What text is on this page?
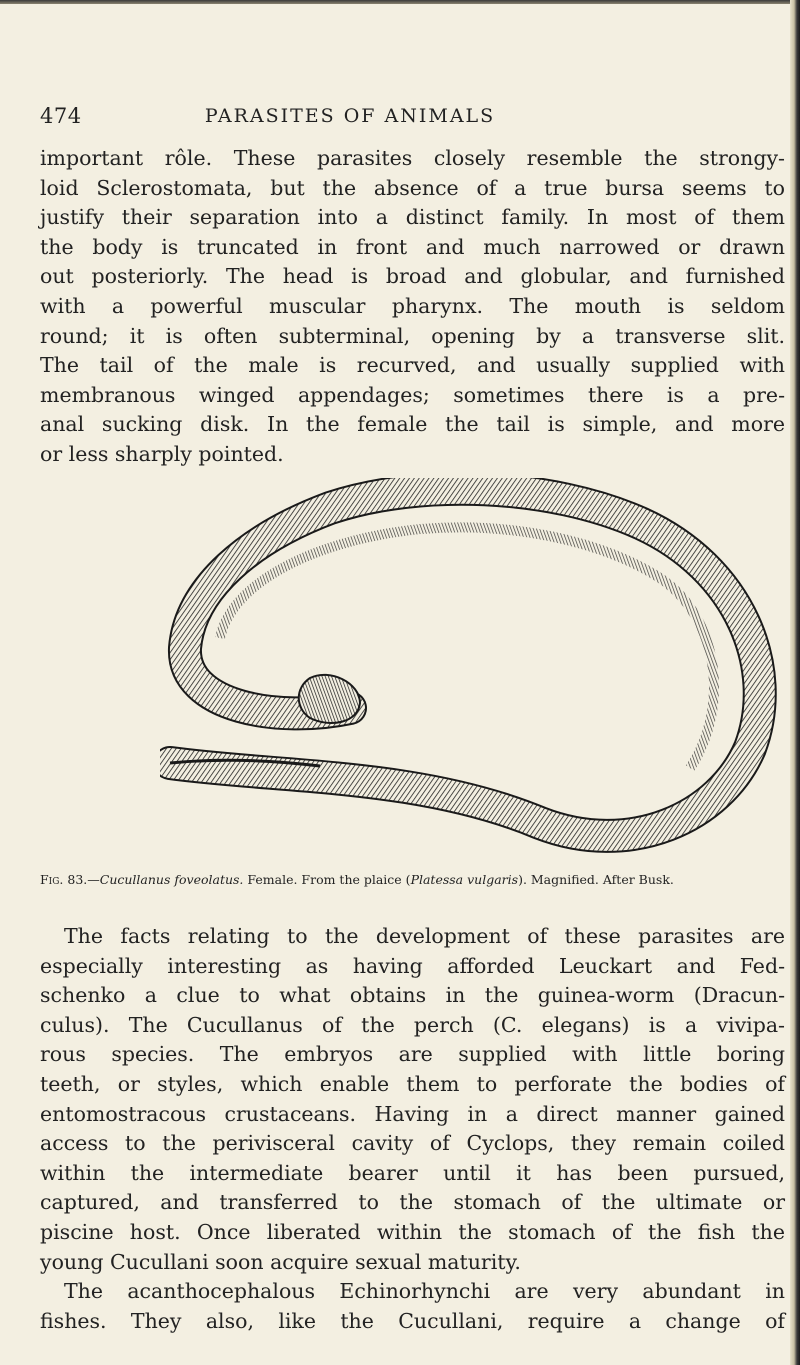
474	PARASITES OF ANIMALS
important rôle. These parasites closely resemble the strongy-
loid Sclerostomata, but the absence of a true bursa seems to
justify their separation into a distinct family. In most of them
the body is truncated in front and much narrowed or drawn
out posteriorly. The head is broad and globular, and furnished
with a powerful muscular pharynx. The mouth is seldom
round; it is often subterminal, opening by a transverse slit.
The tail of the male is recurved, and usually supplied with
membranous winged appendages; sometimes there is a pre-
anal sucking disk. In the female the tail is simple, and more
or less sharply pointed.
Fig. 83.—Cucullanus foveolatus. Female. From the plaice (Platessa vulgaris). Magnified. After Busk.
The facts relating to the development of these parasites are
especially interesting as having afforded Leuckart and Fed-
schenko a clue to what obtains in the guinea-worm (Dracun-
culus). The Cucullanus of the perch (C. elegans) is a vivipa-
rous species. The embryos are supplied with little boring
teeth, or styles, which enable them to perforate the bodies of
entomostracous crustaceans. Having in a direct manner gained
access to the perivisceral cavity of Cyclops, they remain coiled
within the intermediate bearer until it has been pursued,
captured, and transferred to the stomach of the ultimate or
piscine host. Once liberated within the stomach of the fish the
young Cucullani soon acquire sexual maturity.
The acanthocephalous Echinorhynchi are very abundant in
fishes. They also, like the Cucullani, require a change of
